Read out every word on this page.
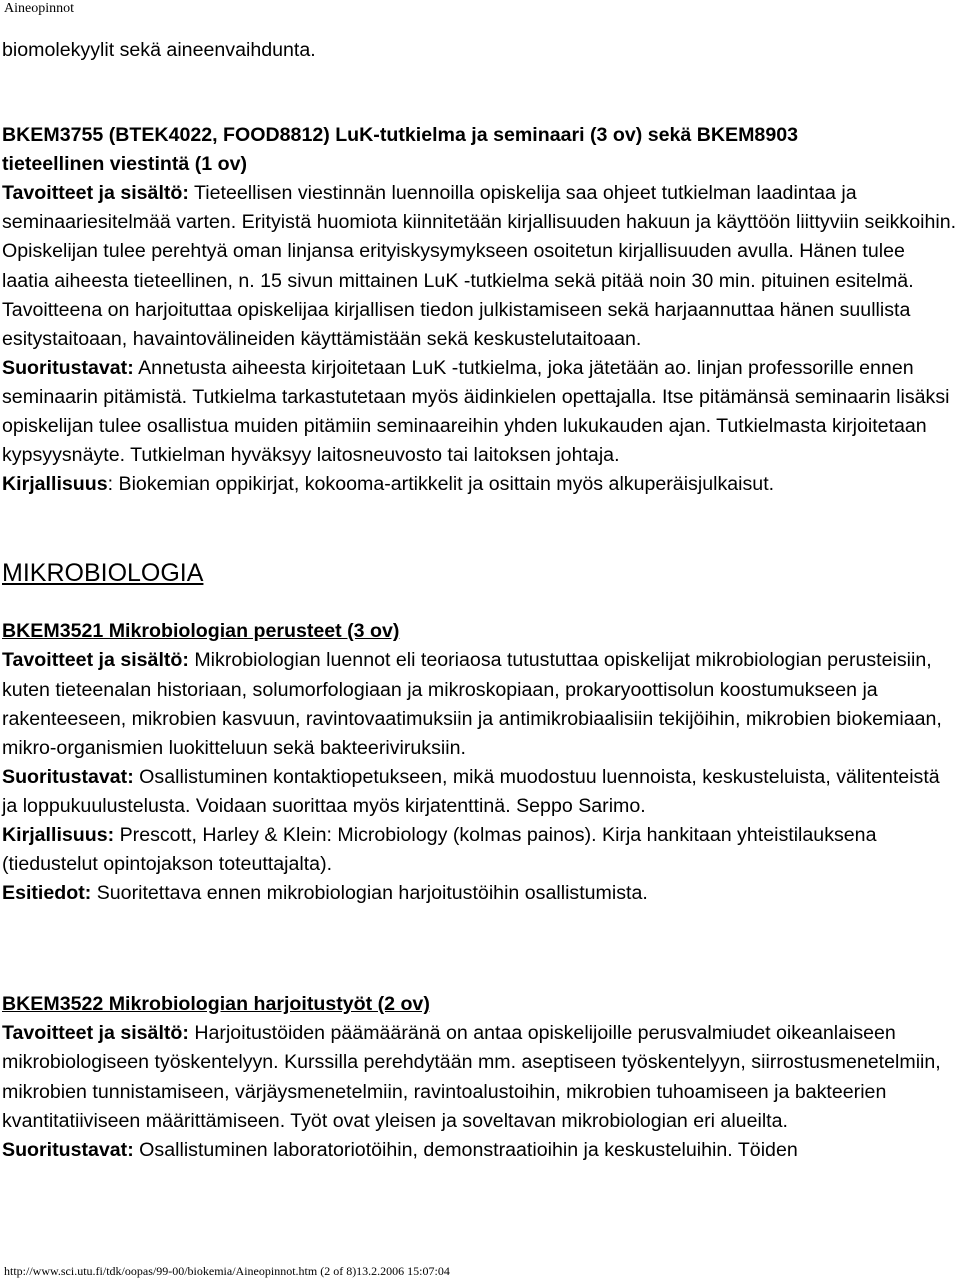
Aineopinnot

biomolekyylit sekä aineenvaihdunta.

BKEM3755 (BTEK4022, FOOD8812) LuK-tutkielma ja seminaari (3 ov) sekä BKEM8903

tieteellinen viestintä (1 ov)

Tavoitteet ja sisältö: Tieteellisen viestinnän luennoilla opiskelija saa ohjeet tutkielman laadintaa ja seminaariesitelmää varten. Erityistä huomiota kiinnitetään kirjallisuuden hakuun ja käyttöön liittyviin seikkoihin. Opiskelijan tulee perehtyä oman linjansa erityiskysymykseen osoitetun kirjallisuuden avulla. Hänen tulee laatia aiheesta tieteellinen, n. 15 sivun mittainen LuK -tutkielma sekä pitää noin 30 min. pituinen esitelmä. Tavoitteena on harjoituttaa opiskelijaa kirjallisen tiedon julkistamiseen sekä harjaannuttaa hänen suullista esitystaitoaan, havaintovälineiden käyttämistään sekä keskustelutaitoaan.

Suoritustavat: Annetusta aiheesta kirjoitetaan LuK -tutkielma, joka jätetään ao. linjan professorille ennen seminaarin pitämistä. Tutkielma tarkastutetaan myös äidinkielen opettajalla. Itse pitämänsä seminaarin lisäksi opiskelijan tulee osallistua muiden pitämiin seminaareihin yhden lukukauden ajan. Tutkielmasta kirjoitetaan kypsyysnäyte. Tutkielman hyväksyy laitosneuvosto tai laitoksen johtaja.

Kirjallisuus: Biokemian oppikirjat, kokooma-artikkelit ja osittain myös alkuperäisjulkaisut.

MIKROBIOLOGIA

BKEM3521 Mikrobiologian perusteet (3 ov)

Tavoitteet ja sisältö: Mikrobiologian luennot eli teoriaosa tutustuttaa opiskelijat mikrobiologian perusteisiin, kuten tieteenalan historiaan, solumorfologiaan ja mikroskopiaan, prokaryoottisolun koostumukseen ja rakenteeseen, mikrobien kasvuun, ravintovaatimuksiin ja antimikrobiaalisiin tekijöihin, mikrobien biokemiaan, mikro-organismien luokitteluun sekä bakteeriviruksiin.

Suoritustavat: Osallistuminen kontaktiopetukseen, mikä muodostuu luennoista, keskusteluista, välitenteistä ja loppukuulustelusta. Voidaan suorittaa myös kirjatenttinä. Seppo Sarimo.

Kirjallisuus: Prescott, Harley & Klein: Microbiology (kolmas painos). Kirja hankitaan yhteistilauksena (tiedustelut opintojakson toteuttajalta).

Esitiedot: Suoritettava ennen mikrobiologian harjoitustöihin osallistumista.

BKEM3522 Mikrobiologian harjoitustyöt (2 ov)

Tavoitteet ja sisältö: Harjoitustöiden päämääränä on antaa opiskelijoille perusvalmiudet oikeanlaiseen mikrobiologiseen työskentelyyn. Kurssilla perehdytään mm. aseptiseen työskentelyyn, siirrostusmenetelmiin, mikrobien tunnistamiseen, värjäysmenetelmiin, ravintoalustoihin, mikrobien tuhoamiseen ja bakteerien kvantitatiiviseen määrittämiseen. Työt ovat yleisen ja soveltavan mikrobiologian eri alueilta.

Suoritustavat: Osallistuminen laboratoriotöihin, demonstraatioihin ja keskusteluihin. Töiden

http://www.sci.utu.fi/tdk/oopas/99-00/biokemia/Aineopinnot.htm (2 of 8)13.2.2006 15:07:04
